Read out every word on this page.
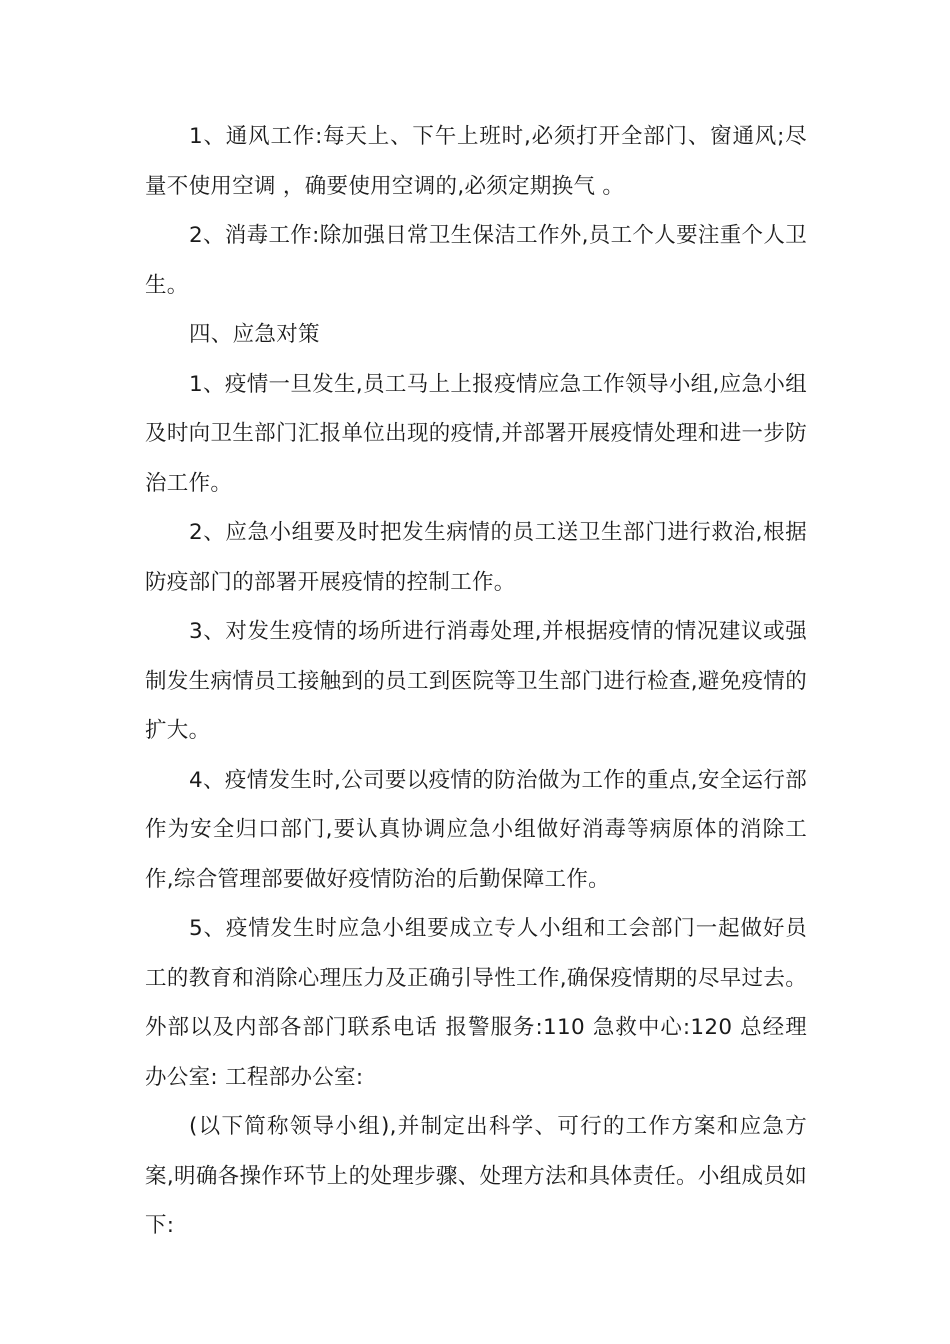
1、通风工作:每天上、下午上班时,必须打开全部门、窗通风;尽量不使用空调 ，确要使用空调的,必须定期换气 。

2、消毒工作:除加强日常卫生保洁工作外,员工个人要注重个人卫生。

四、应急对策

1、疫情一旦发生,员工马上上报疫情应急工作领导小组,应急小组及时向卫生部门汇报单位出现的疫情,并部署开展疫情处理和进一步防治工作。

2、应急小组要及时把发生病情的员工送卫生部门进行救治,根据防疫部门的部署开展疫情的控制工作。

3、对发生疫情的场所进行消毒处理,并根据疫情的情况建议或强制发生病情员工接触到的员工到医院等卫生部门进行检查,避免疫情的扩大。

4、疫情发生时,公司要以疫情的防治做为工作的重点,安全运行部作为安全归口部门,要认真协调应急小组做好消毒等病原体的消除工作,综合管理部要做好疫情防治的后勤保障工作。

5、疫情发生时应急小组要成立专人小组和工会部门一起做好员工的教育和消除心理压力及正确引导性工作,确保疫情期的尽早过去。 外部以及内部各部门联系电话 报警服务:110 急救中心:120 总经理办公室: 工程部办公室:

(以下简称领导小组),并制定出科学、可行的工作方案和应急方案,明确各操作环节上的处理步骤、处理方法和具体责任。小组成员如下:
